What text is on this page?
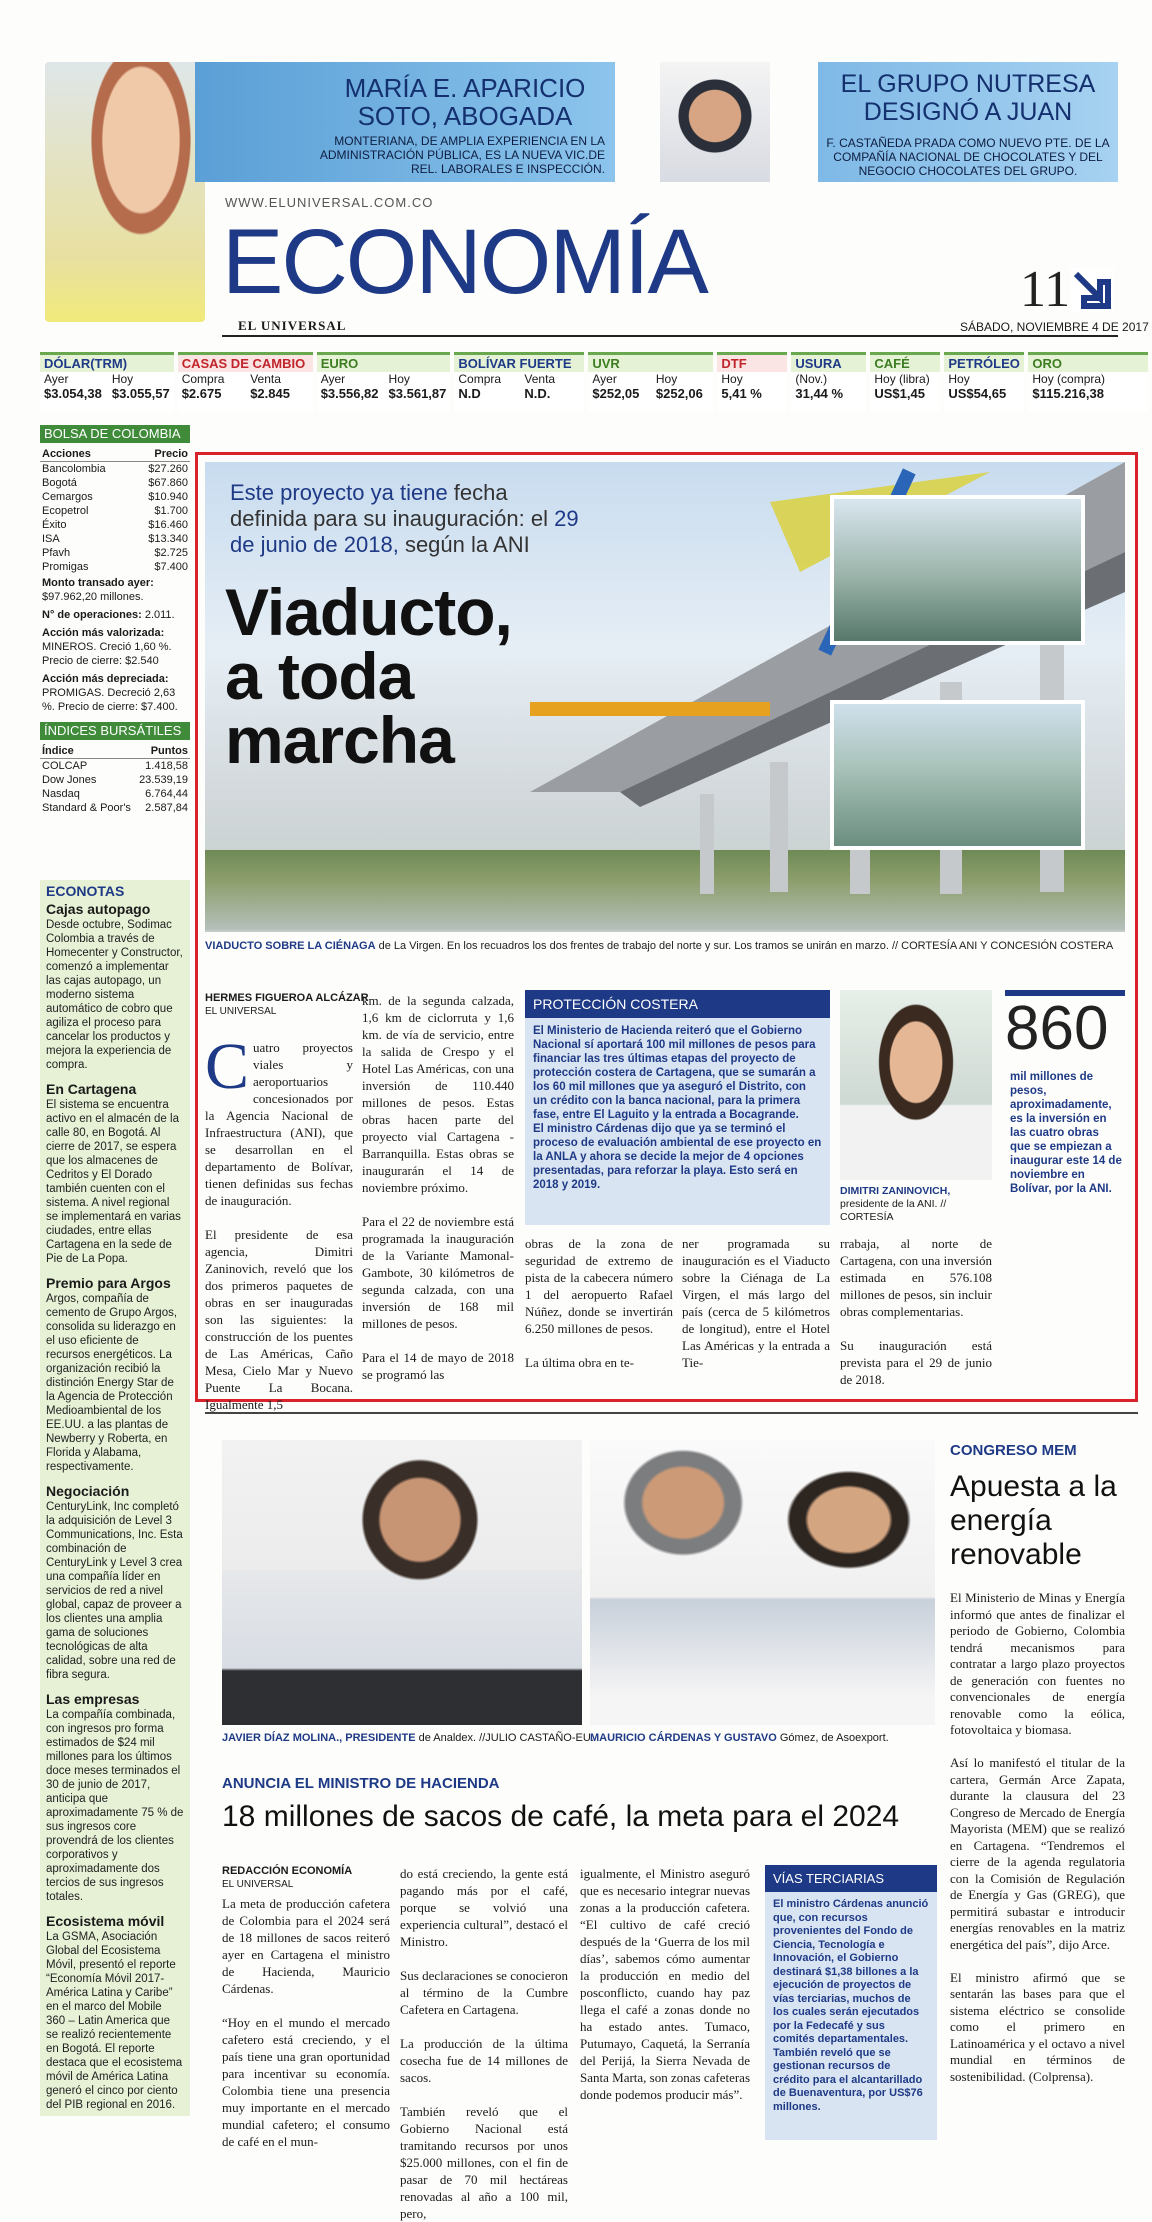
MARÍA E. APARICIO SOTO, ABOGADA
MONTERIANA, DE AMPLIA EXPERIENCIA EN LA ADMINISTRACIÓN PÚBLICA, ES LA NUEVA VIC.DE REL. LABORALES E INSPECCIÓN.
EL GRUPO NUTRESA DESIGNÓ A JUAN
F. CASTAÑEDA PRADA COMO NUEVO PTE. DE LA COMPAÑÍA NACIONAL DE CHOCOLATES Y DEL NEGOCIO CHOCOLATES DEL GRUPO.
WWW.ELUNIVERSAL.COM.CO
ECONOMÍA
EL UNIVERSAL
11
SÁBADO, NOVIEMBRE 4 DE 2017
DÓLAR(TRM)
Ayer	Hoy
$3.054,38 $3.055,57
CASAS DE CAMBIO
Compra	Venta
$2.675	$2.845
EURO
Ayer	Hoy
$3.556,82 $3.561,87
BOLÍVAR FUERTE
Compra	Venta
N.D	N.D.
UVR
Ayer	Hoy
$252,05	$252,06
DTF
Hoy
5,41 %
USURA
(Nov.)
31,44 %
CAFÉ
Hoy (libra)
US$1,45
PETRÓLEO
Hoy
US$54,65
ORO
Hoy (compra)
$115.216,38
BOLSA DE COLOMBIA
Acciones	Precio
Bancolombia	$27.260
Bogotá	$67.860
Cemargos	$10.940
Ecopetrol	$1.700
Éxito	$16.460
ISA	$13.340
Pfavh	$2.725
Promigas	$7.400
Monto transado ayer: $97.962,20 millones.
N° de operaciones: 2.011.
Acción más valorizada: MINEROS. Creció 1,60 %. Precio de cierre: $2.540
Acción más depreciada: PROMIGAS. Decreció 2,63 %. Precio de cierre: $7.400.
ÍNDICES BURSÁTILES
Índice	Puntos
COLCAP	1.418,58
Dow Jones	23.539,19
Nasdaq	6.764,44
Standard & Poor's 2.587,84
ECONOTAS
Cajas autopago

Desde octubre, Sodimac Colombia a través de Homecenter y Constructor, comenzó a implementar las cajas autopago, un moderno sistema automático de cobro que agiliza el proceso para cancelar los productos y mejora la experiencia de compra.

En Cartagena

El sistema se encuentra activo en el almacén de la calle 80, en Bogotá. Al cierre de 2017, se espera que los almacenes de Cedritos y El Dorado también cuenten con el sistema. A nivel regional se implementará en varias ciudades, entre ellas Cartagena en la sede de Pie de La Popa.

Premio para Argos

Argos, compañía de cemento de Grupo Argos, consolida su liderazgo en el uso eficiente de recursos energéticos. La organización recibió la distinción Energy Star de la Agencia de Protección Medioambiental de los EE.UU. a las plantas de Newberry y Roberta, en Florida y Alabama, respectivamente.

Negociación

CenturyLink, Inc completó la adquisición de Level 3 Communications, Inc. Esta combinación de CenturyLink y Level 3 crea una compañía líder en servicios de red a nivel global, capaz de proveer a los clientes una amplia gama de soluciones tecnológicas de alta calidad, sobre una red de fibra segura.

Las empresas

La compañía combinada, con ingresos pro forma estimados de $24 mil millones para los últimos doce meses terminados el 30 de junio de 2017, anticipa que aproximadamente 75 % de sus ingresos core provendrá de los clientes corporativos y aproximadamente dos tercios de sus ingresos totales.

Ecosistema móvil

La GSMA, Asociación Global del Ecosistema Móvil, presentó el reporte “Economía Móvil 2017- América Latina y Caribe” en el marco del Mobile 360 – Latin America que se realizó recientemente en Bogotá. El reporte destaca que el ecosistema móvil de América Latina generó el cinco por ciento del PIB regional en 2016.

Este proyecto ya tiene fecha definida para su inauguración: el 29 de junio de 2018, según la ANI
Viaducto,
a toda
marcha
VIADUCTO SOBRE LA CIÉNAGA de La Virgen. En los recuadros los dos frentes de trabajo del norte y sur. Los tramos se unirán en marzo. // CORTESÍA ANI Y CONCESIÓN COSTERA
HERMES FIGUEROA ALCÁZAR
EL UNIVERSAL

Cuatro proyectos viales y aeroportuarios concesionados por la Agencia Nacional de Infraestructura (ANI), que se desarrollan en el departamento de Bolívar, tienen definidas sus fechas de inauguración.

El presidente de esa agencia, Dimitri Zaninovich, reveló que los dos primeros paquetes de obras en ser inauguradas son las siguientes: la construcción de los puentes de Las Américas, Caño Mesa, Cielo Mar y Nuevo Puente La Bocana. Igualmente 1,5

km. de la segunda calzada, 1,6 km de ciclorruta y 1,6 km. de vía de servicio, entre la salida de Crespo y el Hotel Las Américas, con una inversión de 110.440 millones de pesos. Estas obras hacen parte del proyecto vial Cartagena -Barranquilla. Estas obras se inaugurarán el 14 de noviembre próximo.

Para el 22 de noviembre está programada la inauguración de la Variante Mamonal-Gambote, 30 kilómetros de segunda calzada, con una inversión de 168 mil millones de pesos.

Para el 14 de mayo de 2018 se programó las
PROTECCIÓN COSTERA
El Ministerio de Hacienda reiteró que el Gobierno Nacional sí aportará 100 mil millones de pesos para financiar las tres últimas etapas del proyecto de protección costera de Cartagena, que se sumarán a los 60 mil millones que ya aseguró el Distrito, con un crédito con la banca nacional, para la primera fase, entre El Laguito y la entrada a Bocagrande.
El ministro Cárdenas dijo que ya se terminó el proceso de evaluación ambiental de ese proyecto en la ANLA y ahora se decide la mejor de 4 opciones presentadas, para reforzar la playa. Esto será en 2018 y 2019.
obras de la zona de seguridad de extremo de pista de la cabecera número 1 del aeropuerto Rafael Núñez, donde se invertirán 6.250 millones de pesos.

La última obra en te-
ner programada su inauguración es el Viaducto sobre la Ciénaga de La Virgen, el más largo del país (cerca de 5 kilómetros de longitud), entre el Hotel Las Américas y la entrada a Tie-
DIMITRI ZANINOVICH, presidente de la ANI. // CORTESÍA
rrabaja, al norte de Cartagena, con una inversión estimada en 576.108 millones de pesos, sin incluir obras complementarias.

Su inauguración está prevista para el 29 de junio de 2018.
860
mil millones de pesos, aproximadamente, es la inversión en las cuatro obras que se empiezan a inaugurar este 14 de noviembre en Bolívar, por la ANI.
JAVIER DÍAZ MOLINA., PRESIDENTE de Analdex. //JULIO CASTAÑO-EU.
MAURICIO CÁRDENAS Y GUSTAVO Gómez, de Asoexport.
CONGRESO MEM
Apuesta a la energía renovable
El Ministerio de Minas y Energía informó que antes de finalizar el periodo de Gobierno, Colombia tendrá mecanismos para contratar a largo plazo proyectos de generación con fuentes no convencionales de energía renovable como la eólica, fotovoltaica y biomasa.

Así lo manifestó el titular de la cartera, Germán Arce Zapata, durante la clausura del 23 Congreso de Mercado de Energía Mayorista (MEM) que se realizó en Cartagena. “Tendremos el cierre de la agenda regulatoria con la Comisión de Regulación de Energía y Gas (GREG), que permitirá subastar e introducir energías renovables en la matriz energética del país”, dijo Arce.

El ministro afirmó que se sentarán las bases para que el sistema eléctrico se consolide como el primero en Latinoamérica y el octavo a nivel mundial en términos de sostenibilidad. (Colprensa).
ANUNCIA EL MINISTRO DE HACIENDA
18 millones de sacos de café, la meta para el 2024
REDACCIÓN ECONOMÍA
EL UNIVERSAL
La meta de producción cafetera de Colombia para el 2024 será de 18 millones de sacos reiteró ayer en Cartagena el ministro de Hacienda, Mauricio Cárdenas.

“Hoy en el mundo el mercado cafetero está creciendo, y el país tiene una gran oportunidad para incentivar su economía. Colombia tiene una presencia muy importante en el mercado mundial cafetero; el consumo de café en el mun-
do está creciendo, la gente está pagando más por el café, porque se volvió una experiencia cultural”, destacó el Ministro.

Sus declaraciones se conocieron al término de la Cumbre Cafetera en Cartagena.

La producción de la última cosecha fue de 14 millones de sacos.

También reveló que el Gobierno Nacional está tramitando recursos por unos $25.000 millones, con el fin de pasar de 70 mil hectáreas renovadas al año a 100 mil, pero,
igualmente, el Ministro aseguró que es necesario integrar nuevas zonas a la producción cafetera. “El cultivo de café creció después de la ‘Guerra de los mil días’, sabemos cómo aumentar la producción en medio del posconflicto, cuando hay paz llega el café a zonas donde no ha estado antes. Tumaco, Putumayo, Caquetá, la Serranía del Perijá, la Sierra Nevada de Santa Marta, son zonas cafeteras donde podemos producir más”.
VÍAS TERCIARIAS
El ministro Cárdenas anunció que, con recursos provenientes del Fondo de Ciencia, Tecnología e Innovación, el Gobierno destinará $1,38 billones a la ejecución de proyectos de vías terciarias, muchos de los cuales serán ejecutados por la Fedecafé y sus comités departamentales. También reveló que se gestionan recursos de crédito para el alcantarillado de Buenaventura, por US$76 millones.
